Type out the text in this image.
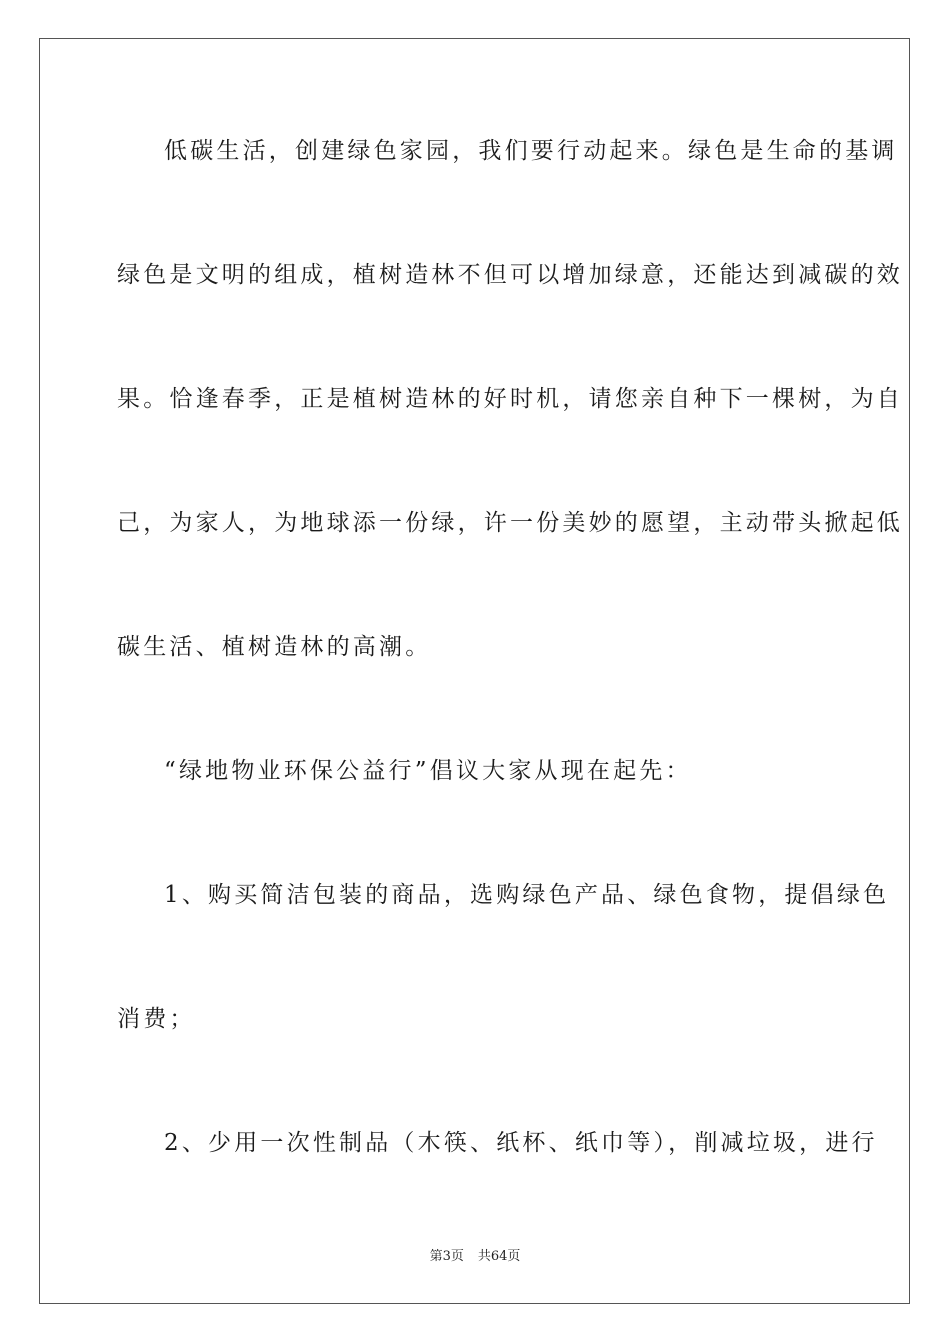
低碳生活，创建绿色家园，我们要行动起来。绿色是生命的基调
绿色是文明的组成，植树造林不但可以增加绿意，还能达到减碳的效
果。恰逢春季，正是植树造林的好时机，请您亲自种下一棵树，为自
己，为家人，为地球添一份绿，许一份美妙的愿望，主动带头掀起低
碳生活、植树造林的高潮。
“绿地物业环保公益行”倡议大家从现在起先：
1、购买简洁包装的商品，选购绿色产品、绿色食物，提倡绿色
消费；
2、少用一次性制品（木筷、纸杯、纸巾等），削减垃圾，进行
第3页 共64页
